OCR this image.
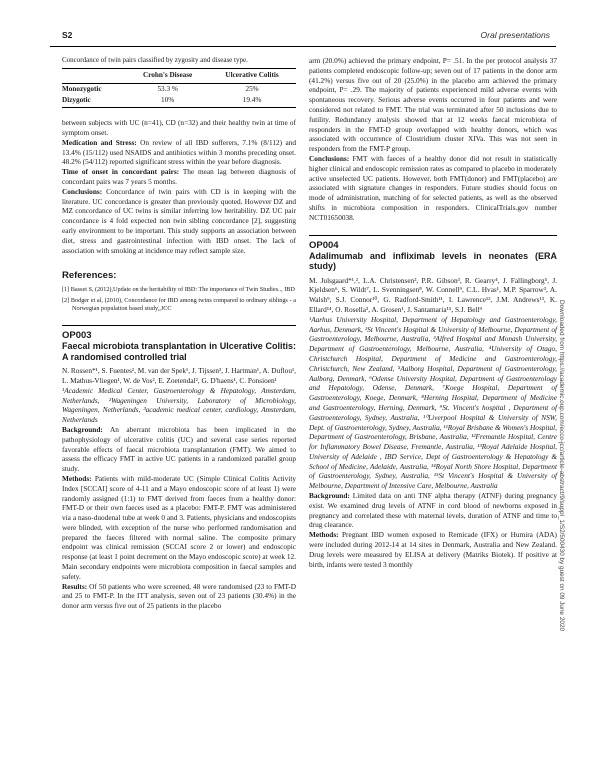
S2	Oral presentations
Concordance of twin pairs classified by zygosity and disease type.
	Crohn's Disease	Ulcerative Colitis
Monozygotic	53.3 %	25%
Dizygotic	10%	19.4%

between subjects with UC (n=41), CD (n=32) and their healthy twin at time of symptom onset.

Medication and Stress: On review of all IBD sufferers, 7.1% (8/112) and 13.4% (15/112) used NSAIDS and antibiotics within 3 months preceding onset. 48.2% (54/112) reported significant stress within the year before diagnosis.

Time of onset in concordant pairs: The mean lag between diagnosis of concordant pairs was 7 years 5 months.

Conclusions: Concordance of twin pairs with CD is in keeping with the literature. UC concordance is greater than previously quoted. However DZ and MZ concordance of UC twins is similar inferring low heritability. DZ UC pair concordance is 4 fold expected non twin sibling concordance [2], suggesting early environment to be important. This study supports an association between diet, stress and gastrointestinal infection with IBD onset. The lack of association with smoking at incidence may reflect sample size.

References:
[1] Basset S, (2012),Update on the heritability of IBD: The importance of Twin Studies.., IBD
[2] Bodger et al, (2010), Concordance for IBD among twins compared to ordinary siblings - a Norwegian population based study,,JCC
OP003
Faecal microbiota transplantation in Ulcerative Colitis: A randomised controlled trial

N. Rossen*¹, S. Fuentes², M. van der Spek¹, J. Tijssen³, J. Hartman¹, A. Duflou¹, L. Mathus-Vliegen¹, W. de Vos², E. Zoetendal², G. D'haens¹, C. Ponsioen¹

¹Academic Medical Center, Gastroenterology & Hepatology, Amsterdam, Netherlands, ²Wageningen University, Laboratory of Microbiology, Wageningen, Netherlands, ³academic medical center, cardiology, Amsterdam, Netherlands

Background: An aberrant microbiota has been implicated in the pathophysiology of ulcerative colitis (UC) and several case series reported favorable effects of faecal microbiota transplantation (FMT). We aimed to assess the efficacy FMT in active UC patients in a randomized parallel group study.

Methods: Patients with mild-moderate UC (Simple Clinical Colitis Activity Index [SCCAI] score of 4-11 and a Mayo endoscopic score of at least 1) were randomly assigned (1:1) to FMT derived from faeces from a healthy donor: FMT-D or their own faeces used as a placebo: FMT-P. FMT was administered via a naso-duodenal tube at week 0 and 3. Patients, physicians and endoscopists were blinded, with exception of the nurse who performed randomisation and prepared the faeces filtered with normal saline. The composite primary endpoint was clinical remission (SCCAI score 2 or lower) and endoscopic response (at least 1 point decrement on the Mayo endoscopic score) at week 12. Main secondary endpoints were microbiota composition in faecal samples and safety.

Results: Of 50 patients who were screened, 48 were randomised (23 to FMT-D and 25 to FMT-P. In the ITT analysis, seven out of 23 patients (30.4%) in the donor arm versus five out of 25 patients in the placebo

arm (20.0%) achieved the primary endpoint, P= .51. In the per protocol analysis 37 patients completed endoscopic follow-up; seven out of 17 patients in the donor arm (41.2%) versus five out of 20 (25.0%) in the placebo arm achieved the primary endpoint, P= .29. The majority of patients experienced mild adverse events with spontaneous recovery. Serious adverse events occurred in four patients and were considered not related to FMT. The trial was terminated after 50 inclusions due to futility. Redundancy analysis showed that at 12 weeks faecal microbiota of responders in the FMT-D group overlapped with healthy donors, which was associated with occurrence of Clostridium cluster XIVa. This was not seen in responders from the FMT-P group.

Conclusions: FMT with faeces of a healthy donor did not result in statistically higher clinical and endoscopic remission rates as compared to placebo in moderately active unselected UC patients. However, both FMT(donor) and FMT(placebo) are associated with signature changes in responders. Future studies should focus on mode of administration, matching of for selected patients, as well as the observed shifts in microbiota composition in responders. ClinicalTrials.gov number NCT01650038.

OP004
Adalimumab and infliximab levels in neonates (ERA study)

M. Julsgaard*¹,², L.A. Christensen², P.R. Gibson³, R. Gearry⁴, J. Fallingborg⁵, J. Kjeldsen⁶, S. Wildt⁷, L. Svenningsen⁸, W. Connell⁹, C.L. Hvas¹, M.P. Sparrow³, A. Walsh⁹, S.J. Connor¹⁰, G. Radford-Smith¹¹, I. Lawrence¹², J.M. Andrews¹³, K. Ellard¹⁴, O. Rosella³, A. Grosen¹, J. Santamaria¹⁵, S.J. Bell⁹

¹Aarhus University Hospital, Department of Hepatology and Gastroenterology, Aarhus, Denmark, ²St Vincent's Hospital & University of Melbourne, Department of Gastroenterology, Melbourne, Australia, ³Alfred Hospital and Monash University, Department of Gastroenterology, Melbourne, Australia, ⁴University of Otago, Christchurch Hospital, Department of Medicine and Gastroenterology, Christchurch, New Zealand, ⁵Aalborg Hospital, Department of Gastroenterology, Aalborg, Denmark, ⁶Odense University Hospital, Department of Gastroenterology and Hepatology, Odense, Denmark, ⁷Koege Hospital, Department of Gastroenterology, Koege, Denmark, ⁸Herning Hospital, Department of Medicine and Gastroenterology, Herning, Denmark, ⁹St. Vincent's hospital , Department of Gastroenterology, Sydney, Australia, ¹⁰Liverpool Hospital & University of NSW, Dept. of Gastroenterology, Sydney, Australia, ¹¹Royal Brisbane & Women's Hospital, Department of Gastroenterology, Brisbane, Australia, ¹²Fremantle Hospital, Centre for Inflammatory Bowel Disease, Fremantle, Australia, ¹³Royal Adelaide Hospital, University of Adelaide , IBD Service, Dept of Gastroenterology & Hepatology & School of Medicine, Adelaide, Australia, ¹⁴Royal North Shore Hospital, Department of Gastroenterology, Sydney, Australia, ¹⁵St Vincent's Hospital & University of Melbourne, Department of Intensive Care, Melbourne, Australia

Background: Limited data on anti TNF alpha therapy (ATNF) during pregnancy exist. We examined drug levels of ATNF in cord blood of newborns exposed in pregnancy and correlated these with maternal levels, duration of ATNF and time to drug clearance.

Methods: Pregnant IBD women exposed to Remicade (IFX) or Humira (ADA) were included during 2012-14 at 14 sites in Denmark, Australia and New Zealand. Drug levels were measured by ELISA at delivery (Matriks Biotek). If positive at birth, infants were tested 3 monthly	Downloaded from https://academic.oup.com/ecco-jcc/article-abstract/9/suppl_1/S2/500430 by guest on 09 June 2020
